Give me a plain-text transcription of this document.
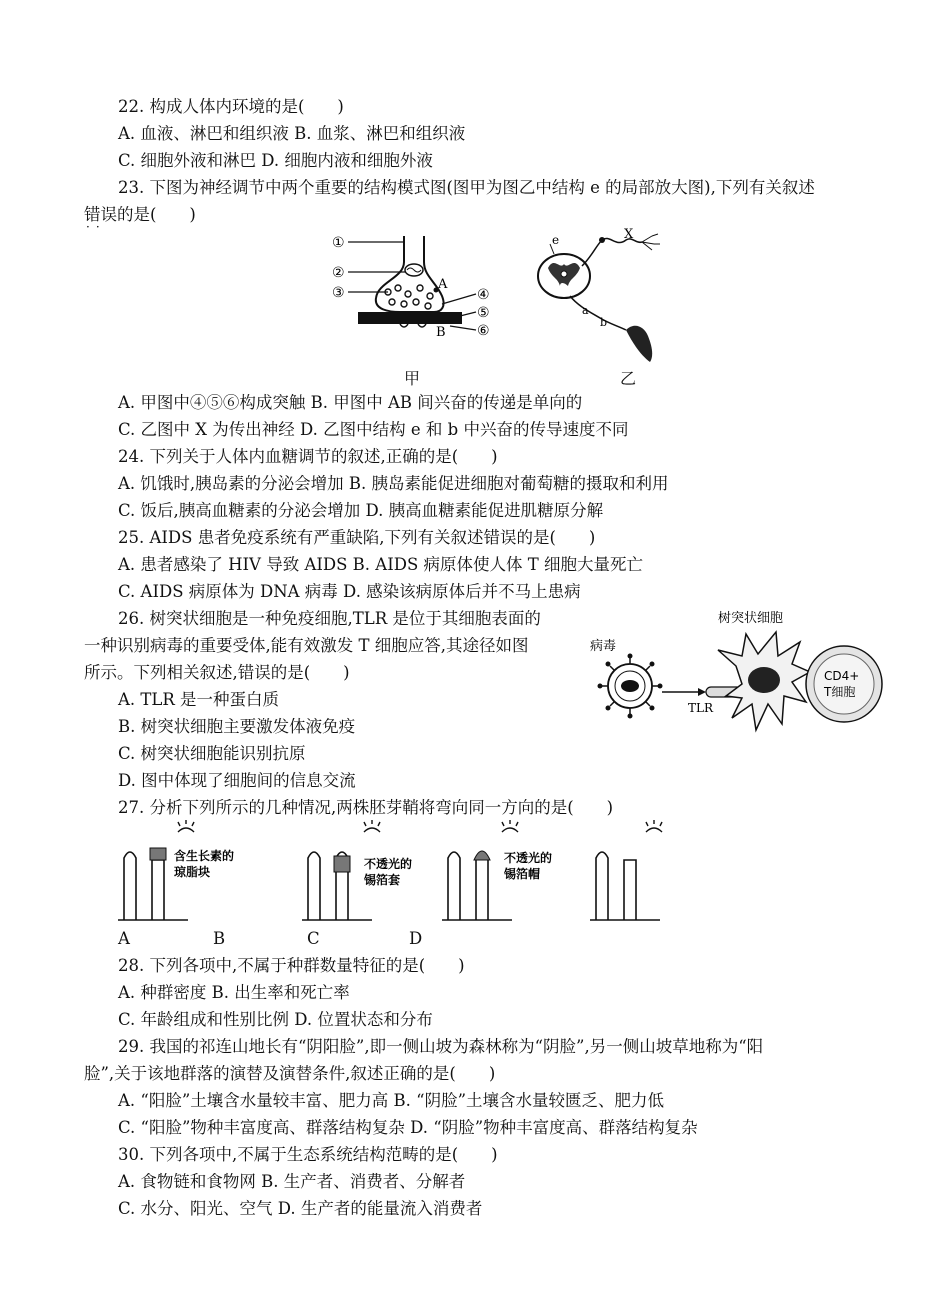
22. 构成人体内环境的是(　　)
A. 血液、淋巴和组织液 B. 血浆、淋巴和组织液
C. 细胞外液和淋巴 D. 细胞内液和细胞外液
23. 下图为神经调节中两个重要的结构模式图(图甲为图乙中结构 e 的局部放大图),下列有关叙述
错误的是(　　)
··
①
②
③	④
⑤
⑥
A
B
甲
e	X
a
b
乙
A. 甲图中④⑤⑥构成突触 B. 甲图中 AB 间兴奋的传递是单向的
C. 乙图中 X 为传出神经 D. 乙图中结构 e 和 b 中兴奋的传导速度不同
24. 下列关于人体内血糖调节的叙述,正确的是(　　)
A. 饥饿时,胰岛素的分泌会增加 B. 胰岛素能促进细胞对葡萄糖的摄取和利用
C. 饭后,胰高血糖素的分泌会增加 D. 胰高血糖素能促进肌糖原分解
25. AIDS 患者免疫系统有严重缺陷,下列有关叙述错误的是(　　)
A. 患者感染了 HIV 导致 AIDS B. AIDS 病原体使人体 T 细胞大量死亡
C. AIDS 病原体为 DNA 病毒 D. 感染该病原体后并不马上患病
26. 树突状细胞是一种免疫细胞,TLR 是位于其细胞表面的
一种识别病毒的重要受体,能有效激发 T 细胞应答,其途径如图
所示。下列相关叙述,错误的是(　　)
A. TLR 是一种蛋白质
B. 树突状细胞主要激发体液免疫
C. 树突状细胞能识别抗原
D. 图中体现了细胞间的信息交流
树突状细胞
病毒
TLR
CD4+
T细胞
27. 分析下列所示的几种情况,两株胚芽鞘将弯向同一方向的是(　　)
含生长素的
琼脂块
不透光的
锡箔套
不透光的
锡箔帽
A	B	C	D
28. 下列各项中,不属于种群数量特征的是(　　)
A. 种群密度 B. 出生率和死亡率
C. 年龄组成和性别比例 D. 位置状态和分布
29. 我国的祁连山地长有“阴阳脸”,即一侧山坡为森林称为“阴脸”,另一侧山坡草地称为“阳
脸”,关于该地群落的演替及演替条件,叙述正确的是(　　)
A. “阳脸”土壤含水量较丰富、肥力高 B. “阴脸”土壤含水量较匮乏、肥力低
C. “阳脸”物种丰富度高、群落结构复杂 D. “阴脸”物种丰富度高、群落结构复杂
30. 下列各项中,不属于生态系统结构范畴的是(　　)
A. 食物链和食物网 B. 生产者、消费者、分解者
C. 水分、阳光、空气 D. 生产者的能量流入消费者
